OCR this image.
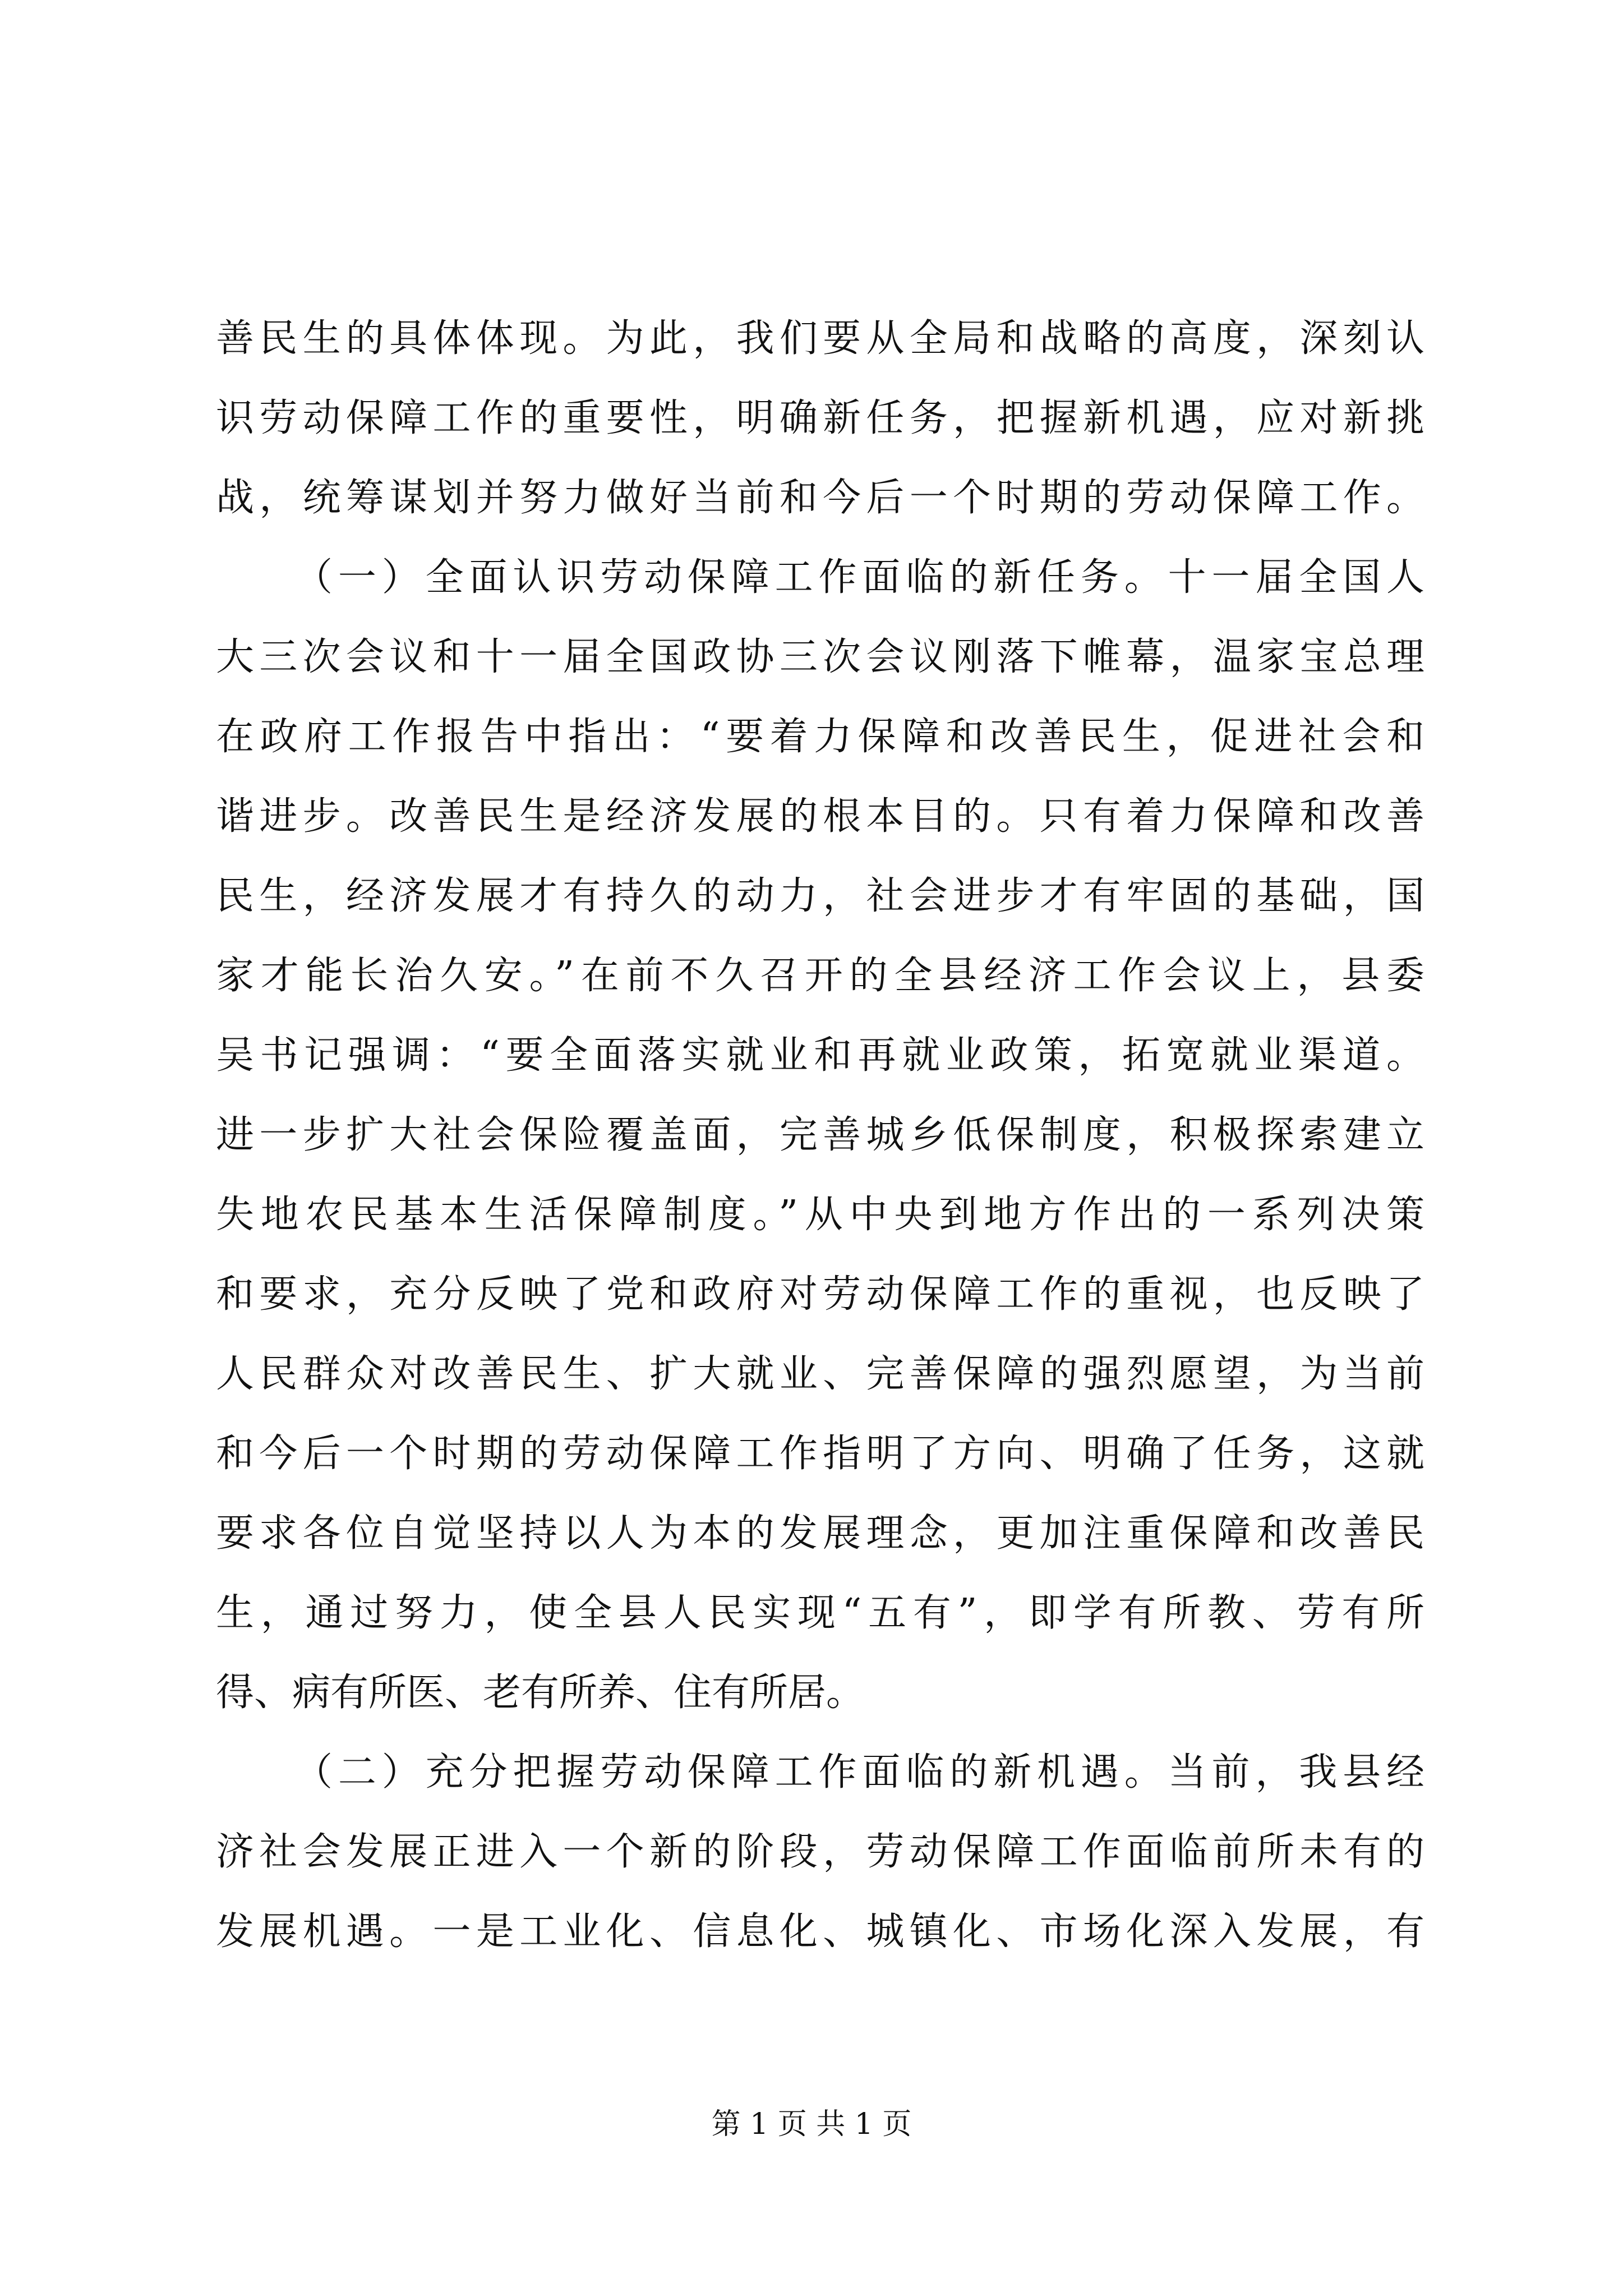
善民生的具体体现。为此，我们要从全局和战略的高度，深刻认
识劳动保障工作的重要性，明确新任务，把握新机遇，应对新挑
战，统筹谋划并努力做好当前和今后一个时期的劳动保障工作。
（一）全面认识劳动保障工作面临的新任务。十一届全国人
大三次会议和十一届全国政协三次会议刚落下帷幕，温家宝总理
在政府工作报告中指出：“要着力保障和改善民生，促进社会和
谐进步。改善民生是经济发展的根本目的。只有着力保障和改善
民生，经济发展才有持久的动力，社会进步才有牢固的基础，国
家才能长治久安。”在前不久召开的全县经济工作会议上，县委
吴书记强调：“要全面落实就业和再就业政策，拓宽就业渠道。
进一步扩大社会保险覆盖面，完善城乡低保制度，积极探索建立
失地农民基本生活保障制度。”从中央到地方作出的一系列决策
和要求，充分反映了党和政府对劳动保障工作的重视，也反映了
人民群众对改善民生、扩大就业、完善保障的强烈愿望，为当前
和今后一个时期的劳动保障工作指明了方向、明确了任务，这就
要求各位自觉坚持以人为本的发展理念，更加注重保障和改善民
生，通过努力，使全县人民实现“五有”，即学有所教、劳有所
得、病有所医、老有所养、住有所居。
（二）充分把握劳动保障工作面临的新机遇。当前，我县经
济社会发展正进入一个新的阶段，劳动保障工作面临前所未有的
发展机遇。一是工业化、信息化、城镇化、市场化深入发展，有
第 1 页 共 1 页
